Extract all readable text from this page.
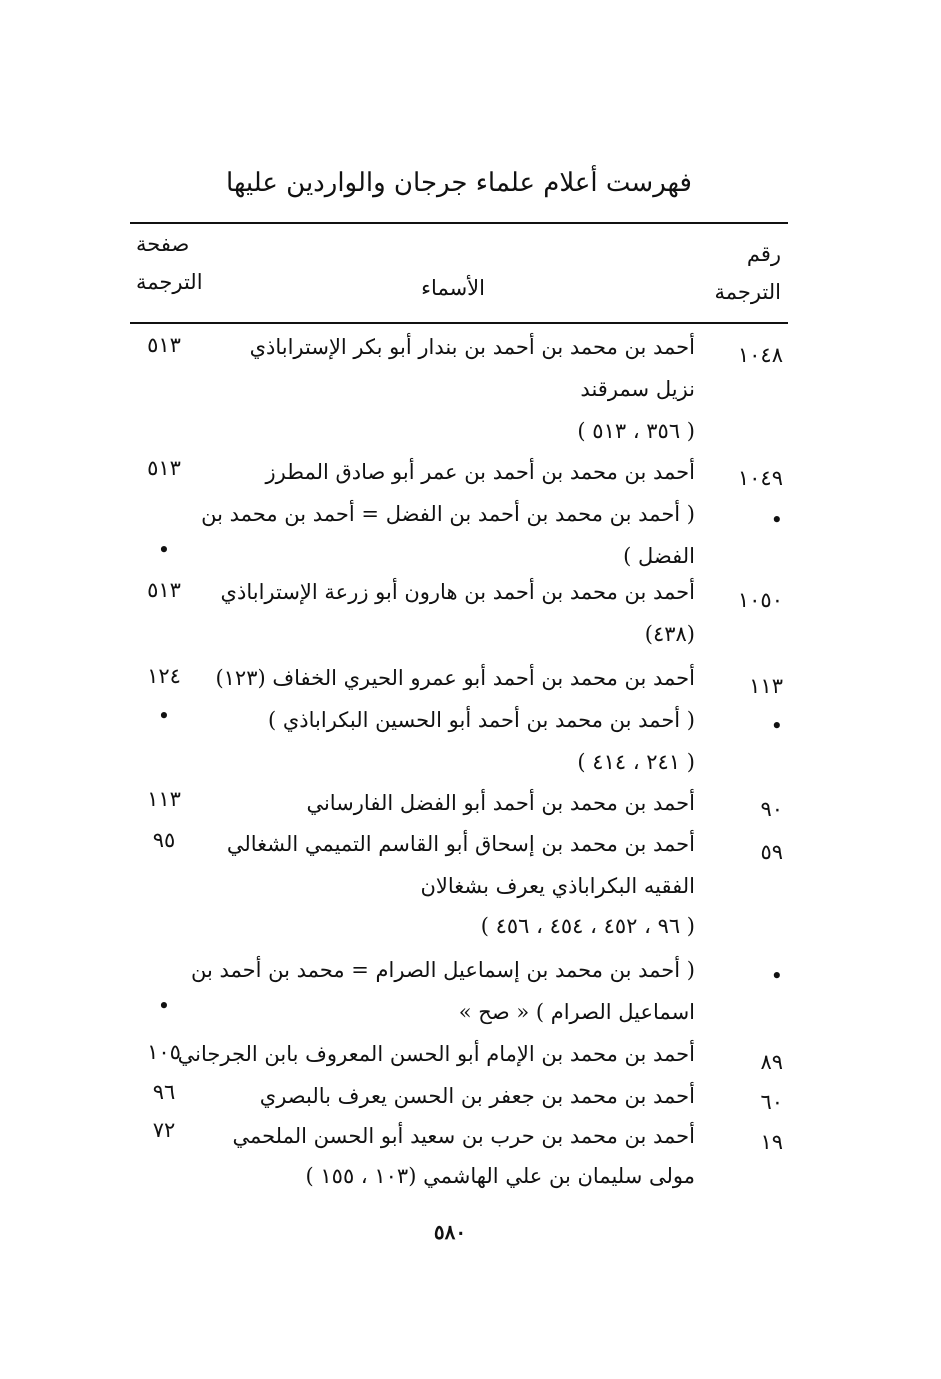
فهرست أعلام علماء جرجان والواردين عليها
رقم
الترجمة
الأسماء
صفحة
الترجمة
١٠٤٨
أحمد بن محمد بن أحمد بن بندار أبو بكر الإستراباذي
نزيل سمرقند
( ٣٥٦ ، ٥١٣ )
٥١٣
١٠٤٩
أحمد بن محمد بن أحمد بن عمر أبو صادق المطرز
٥١٣
•
( أحمد بن محمد بن أحمد بن الفضل = أحمد بن محمد بن
الفضل )
•
١٠٥٠
أحمد بن محمد بن أحمد بن هارون أبو زرعة الإستراباذي
(٤٣٨)
٥١٣
١١٣
أحمد بن محمد بن أحمد أبو عمرو الحيري الخفاف (١٢٣)
١٢٤
•
( أحمد بن محمد بن أحمد أبو الحسين البكراباذي )
( ٢٤١ ، ٤١٤ )
•
٩٠
أحمد بن محمد بن أحمد أبو الفضل الفارساني
١١٣
٥٩
أحمد بن محمد بن إسحاق أبو القاسم التميمي الشغالي
الفقيه البكراباذي يعرف بشغالان
( ٩٦ ، ٤٥٢ ، ٤٥٤ ، ٤٥٦ )
٩٥
•
( أحمد بن محمد بن إسماعيل الصرام = محمد بن أحمد بن
اسماعيل الصرام ) « صح »
•
٨٩
أحمد بن محمد بن الإمام أبو الحسن المعروف بابن الجرجاني
١٠٥
٦٠
أحمد بن محمد بن جعفر بن الحسن يعرف بالبصري
٩٦
١٩
أحمد بن محمد بن حرب بن سعيد أبو الحسن الملحمي
مولى سليمان بن علي الهاشمي (١٠٣ ، ١٥٥ )
٧٢
٥٨٠
